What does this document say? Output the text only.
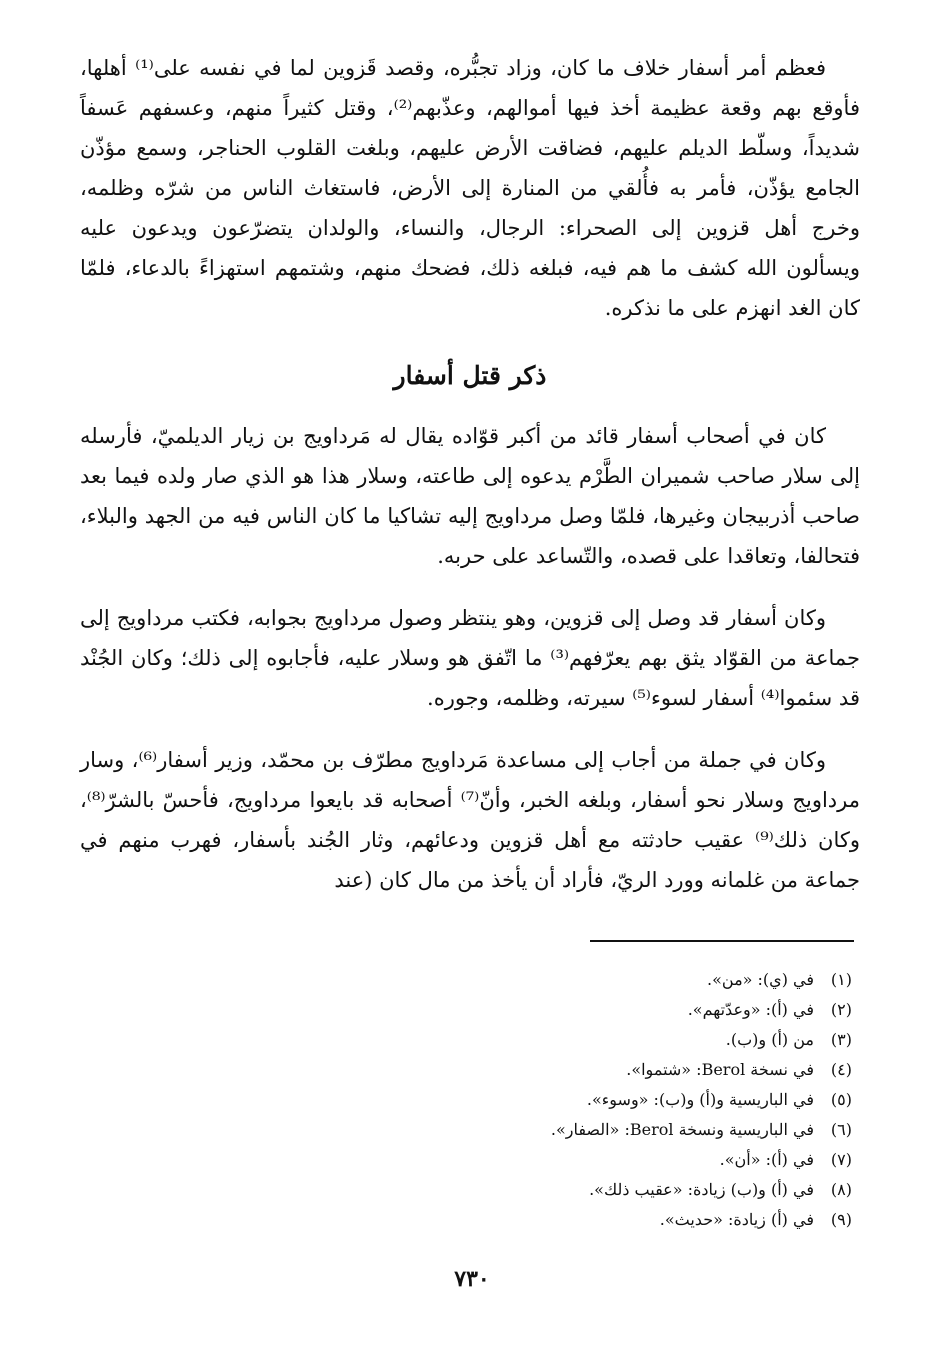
فعظم أمر أسفار خلاف ما كان، وزاد تجبُّره، وقصد قَزوين لما في نفسه على⁽¹⁾ أهلها، فأوقع بهم وقعة عظيمة أخذ فيها أموالهم، وعذّبهم⁽²⁾، وقتل كثيراً منهم، وعسفهم عَسفاً شديداً، وسلّط الديلم عليهم، فضاقت الأرض عليهم، وبلغت القلوب الحناجر، وسمع مؤذّن الجامع يؤذّن، فأمر به فأُلقي من المنارة إلى الأرض، فاستغاث الناس من شرّه وظلمه، وخرج أهل قزوين إلى الصحراء: الرجال، والنساء، والولدان يتضرّعون ويدعون عليه ويسألون الله كشف ما هم فيه، فبلغه ذلك، فضحك منهم، وشتمهم استهزاءً بالدعاء، فلمّا كان الغد انهزم على ما نذكره.

ذكر قتل أسفار

كان في أصحاب أسفار قائد من أكبر قوّاده يقال له مَرداويج بن زيار الديلميّ، فأرسله إلى سلار صاحب شميران الطَّرْم يدعوه إلى طاعته، وسلار هذا هو الذي صار ولده فيما بعد صاحب أذربيجان وغيرها، فلمّا وصل مرداويج إليه تشاكيا ما كان الناس فيه من الجهد والبلاء، فتحالفا، وتعاقدا على قصده، والتّساعد على حربه.

وكان أسفار قد وصل إلى قزوين، وهو ينتظر وصول مرداويج بجوابه، فكتب مرداويج إلى جماعة من القوّاد يثق بهم يعرّفهم⁽³⁾ ما اتّفق هو وسلار عليه، فأجابوه إلى ذلك؛ وكان الجُنْد قد سئموا⁽⁴⁾ أسفار لسوء⁽⁵⁾ سيرته، وظلمه، وجوره.

وكان في جملة من أجاب إلى مساعدة مَرداويج مطرّف بن محمّد، وزير أسفار⁽⁶⁾، وسار مرداويج وسلار نحو أسفار، وبلغه الخبر، وأنّ⁽⁷⁾ أصحابه قد بايعوا مرداويج، فأحسّ بالشرّ⁽⁸⁾، وكان ذلك⁽⁹⁾ عقيب حادثته مع أهل قزوين ودعائهم، وثار الجُند بأسفار، فهرب منهم في جماعة من غلمانه وورد الريّ، فأراد أن يأخذ من مال كان (عند

(١)
في (ي): «من».
(٢)
في (أ): «وعدّتهم».
(٣)
من (أ) و(ب).
(٤)
في نسخة Berol: «شتموا».
(٥)
في الباريسية و(أ) و(ب): «وسوء».
(٦)
في الباريسية ونسخة Berol: «الصفار».
(٧)
في (أ): «أن».
(٨)
في (أ) و(ب) زيادة: «عقيب ذلك».
(٩)
في (أ) زيادة: «حديث».
٧٣٠
